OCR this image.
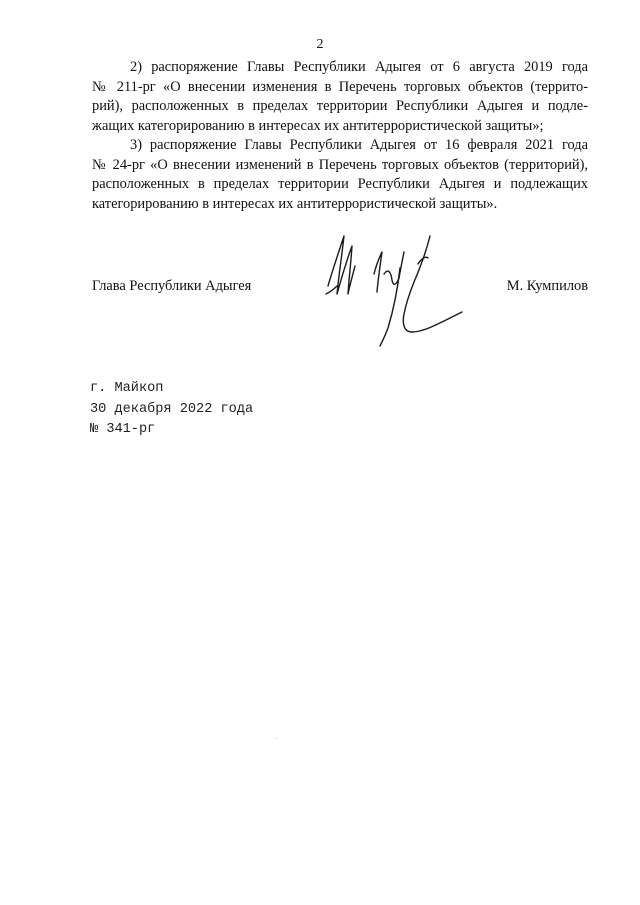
2
2) распоряжение Главы Республики Адыгея от 6 августа 2019 года
№ 211-рг «О внесении изменения в Перечень торговых объектов (террито-
рий), расположенных в пределах территории Республики Адыгея и подле-
жащих категорированию в интересах их антитеррористической защиты»;
3) распоряжение Главы Республики Адыгея от 16 февраля 2021 года
№ 24-рг «О внесении изменений в Перечень торговых объектов (территорий),
расположенных в пределах территории Республики Адыгея и подлежащих
категорированию в интересах их антитеррористической защиты».
Глава Республики Адыгея	М. Кумпилов
г. Майкоп
30 декабря 2022 года
№ 341-рг
